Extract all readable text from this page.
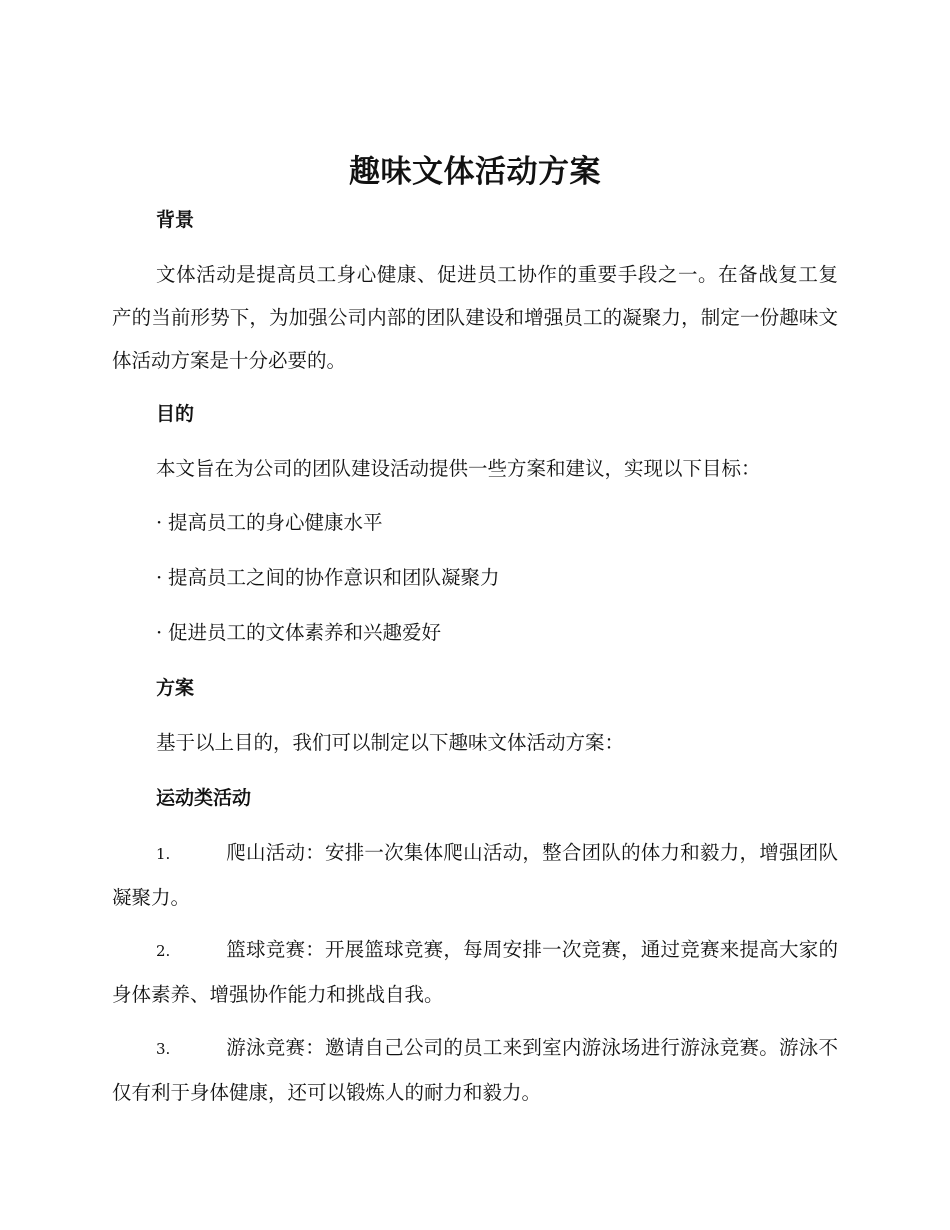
趣味文体活动方案
背景
文体活动是提高员工身心健康、促进员工协作的重要手段之一。在备战复工复产的当前形势下，为加强公司内部的团队建设和增强员工的凝聚力，制定一份趣味文体活动方案是十分必要的。
目的
本文旨在为公司的团队建设活动提供一些方案和建议，实现以下目标：
· 提高员工的身心健康水平
· 提高员工之间的协作意识和团队凝聚力
· 促进员工的文体素养和兴趣爱好
方案
基于以上目的，我们可以制定以下趣味文体活动方案：
运动类活动
1.	爬山活动：安排一次集体爬山活动，整合团队的体力和毅力，增强团队凝聚力。
2.	篮球竞赛：开展篮球竞赛，每周安排一次竞赛，通过竞赛来提高大家的身体素养、增强协作能力和挑战自我。
3.	游泳竞赛：邀请自己公司的员工来到室内游泳场进行游泳竞赛。游泳不仅有利于身体健康，还可以锻炼人的耐力和毅力。
